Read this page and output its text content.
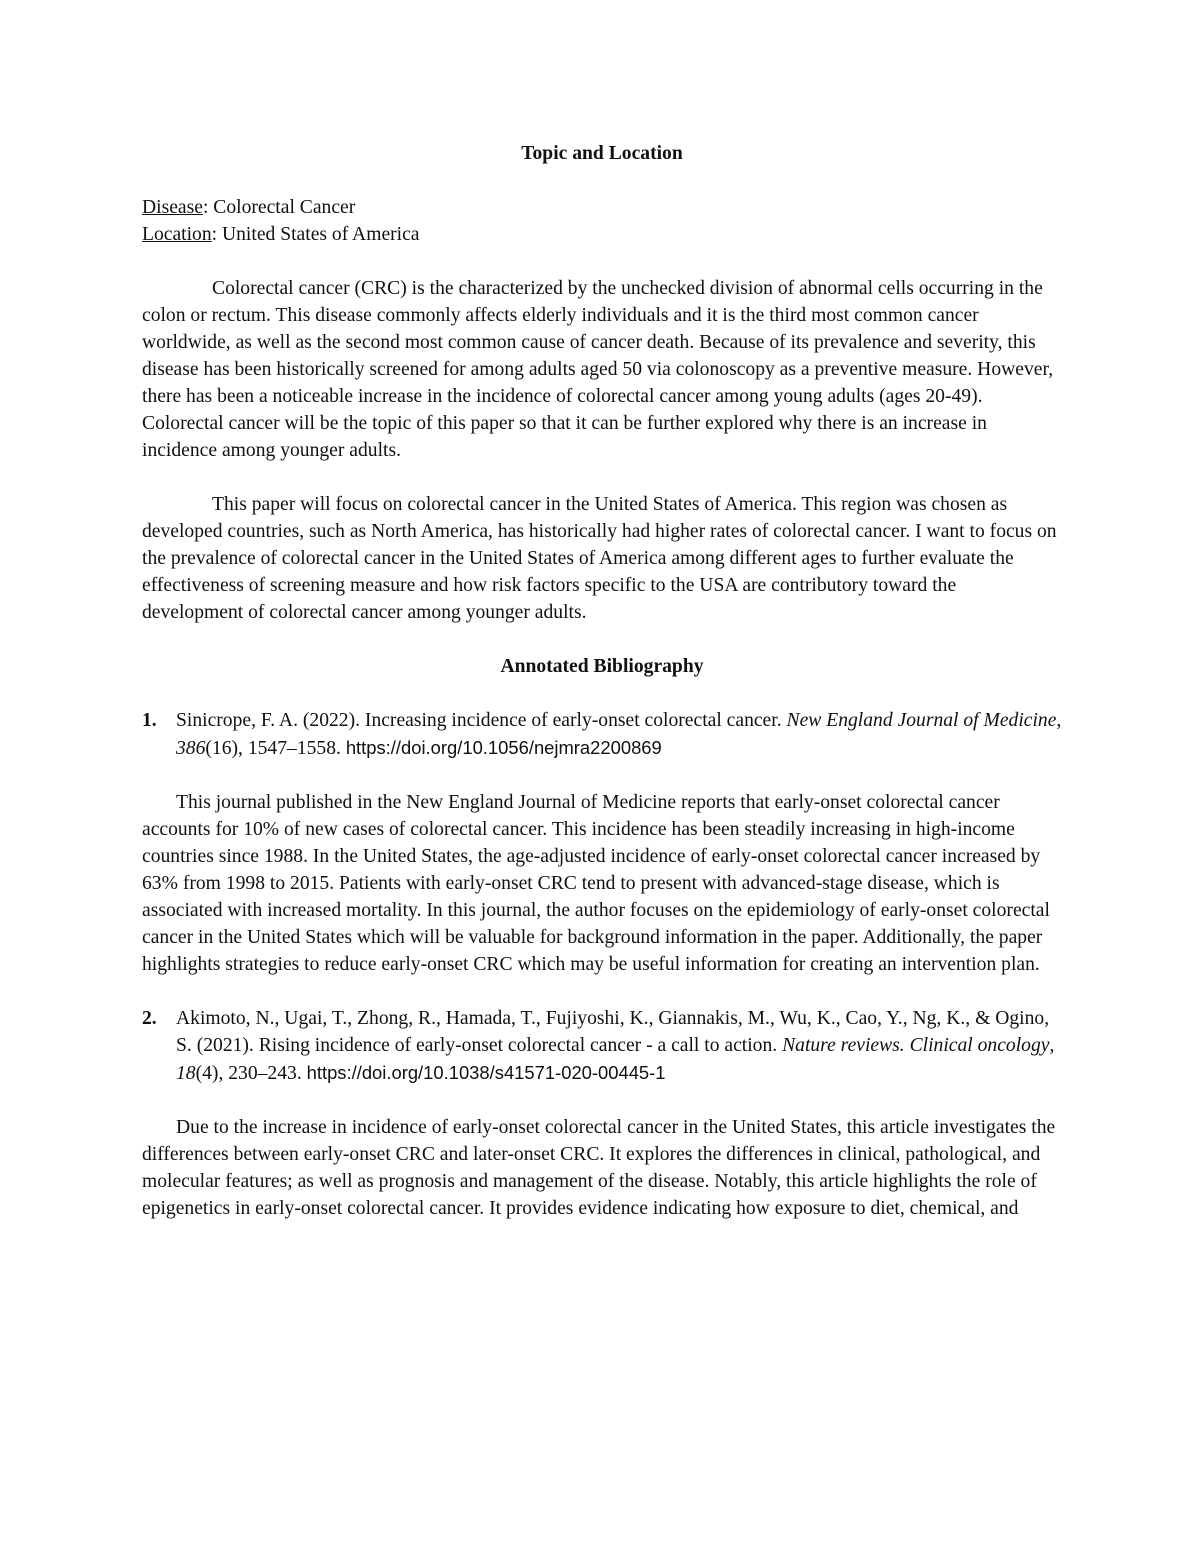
Topic and Location

Disease: Colorectal Cancer

Location: United States of America

Colorectal cancer (CRC) is the characterized by the unchecked division of abnormal cells occurring in the colon or rectum. This disease commonly affects elderly individuals and it is the third most common cancer worldwide, as well as the second most common cause of cancer death. Because of its prevalence and severity, this disease has been historically screened for among adults aged 50 via colonoscopy as a preventive measure. However, there has been a noticeable increase in the incidence of colorectal cancer among young adults (ages 20-49). Colorectal cancer will be the topic of this paper so that it can be further explored why there is an increase in incidence among younger adults.

This paper will focus on colorectal cancer in the United States of America. This region was chosen as developed countries, such as North America, has historically had higher rates of colorectal cancer. I want to focus on the prevalence of colorectal cancer in the United States of America among different ages to further evaluate the effectiveness of screening measure and how risk factors specific to the USA are contributory toward the development of colorectal cancer among younger adults.

Annotated Bibliography
1. Sinicrope, F. A. (2022). Increasing incidence of early-onset colorectal cancer. New England Journal of Medicine, 386(16), 1547–1558. https://doi.org/10.1056/nejmra2200869

This journal published in the New England Journal of Medicine reports that early-onset colorectal cancer accounts for 10% of new cases of colorectal cancer. This incidence has been steadily increasing in high-income countries since 1988. In the United States, the age-adjusted incidence of early-onset colorectal cancer increased by 63% from 1998 to 2015. Patients with early-onset CRC tend to present with advanced-stage disease, which is associated with increased mortality. In this journal, the author focuses on the epidemiology of early-onset colorectal cancer in the United States which will be valuable for background information in the paper. Additionally, the paper highlights strategies to reduce early-onset CRC which may be useful information for creating an intervention plan.

2. Akimoto, N., Ugai, T., Zhong, R., Hamada, T., Fujiyoshi, K., Giannakis, M., Wu, K., Cao, Y., Ng, K., & Ogino, S. (2021). Rising incidence of early-onset colorectal cancer - a call to action. Nature reviews. Clinical oncology, 18(4), 230–243. https://doi.org/10.1038/s41571-020-00445-1

Due to the increase in incidence of early-onset colorectal cancer in the United States, this article investigates the differences between early-onset CRC and later-onset CRC. It explores the differences in clinical, pathological, and molecular features; as well as prognosis and management of the disease. Notably, this article highlights the role of epigenetics in early-onset colorectal cancer. It provides evidence indicating how exposure to diet, chemical, and
